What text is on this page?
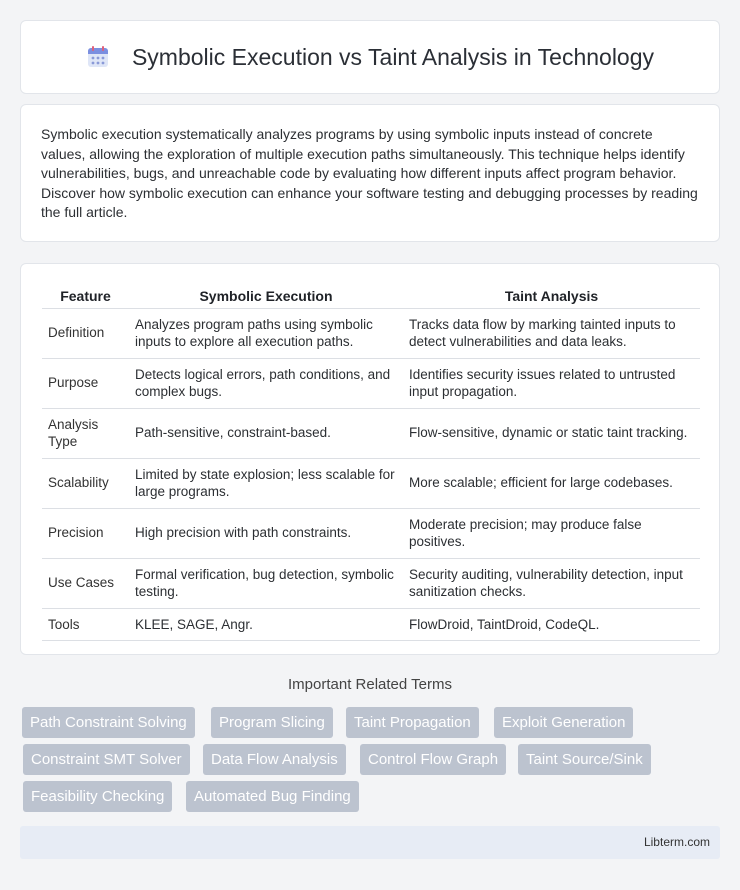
Symbolic Execution vs Taint Analysis in Technology

Symbolic execution systematically analyzes programs by using symbolic inputs instead of concrete values, allowing the exploration of multiple execution paths simultaneously. This technique helps identify vulnerabilities, bugs, and unreachable code by evaluating how different inputs affect program behavior. Discover how symbolic execution can enhance your software testing and debugging processes by reading the full article.

Feature	Symbolic Execution	Taint Analysis
Definition	Analyzes program paths using symbolic inputs to explore all execution paths.	Tracks data flow by marking tainted inputs to detect vulnerabilities and data leaks.
Purpose	Detects logical errors, path conditions, and complex bugs.	Identifies security issues related to untrusted input propagation.
Analysis Type	Path-sensitive, constraint-based.	Flow-sensitive, dynamic or static taint tracking.
Scalability	Limited by state explosion; less scalable for large programs.	More scalable; efficient for large codebases.
Precision	High precision with path constraints.	Moderate precision; may produce false positives.
Use Cases	Formal verification, bug detection, symbolic testing.	Security auditing, vulnerability detection, input sanitization checks.
Tools	KLEE, SAGE, Angr.	FlowDroid, TaintDroid, CodeQL.
Important Related Terms
Path Constraint Solving	Program Slicing	Taint Propagation	Exploit Generation
Constraint SMT Solver	Data Flow Analysis	Control Flow Graph	Taint Source/Sink
Feasibility Checking	Automated Bug Finding
Libterm.com
